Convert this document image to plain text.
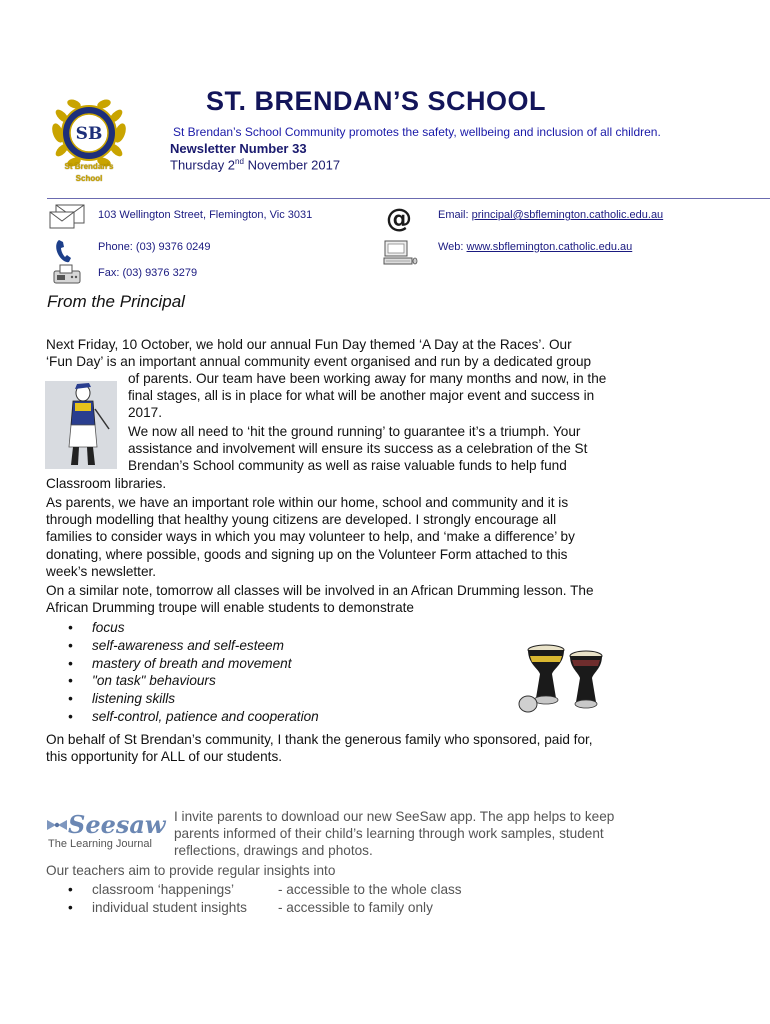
SB
St Brendan's
School
ST. BRENDAN’S SCHOOL
St Brendan’s School Community promotes the safety, wellbeing and inclusion of all children.
Newsletter Number 33
Thursday 2nd November 2017
103 Wellington Street, Flemington, Vic 3031
Phone: (03) 9376 0249
Fax: (03) 9376 3279
@ Email: principal@sbflemington.catholic.edu.au
Web: www.sbflemington.catholic.edu.au
From the Principal
Next Friday, 10 October, we hold our annual Fun Day themed ‘A Day at the Races’. Our
‘Fun Day’ is an important annual community event organised and run by a dedicated group
of parents. Our team have been working away for many months and now, in the
final stages, all is in place for what will be another major event and success in
2017.
We now all need to ‘hit the ground running’ to guarantee it’s a triumph. Your
assistance and involvement will ensure its success as a celebration of the St
Brendan’s School community as well as raise valuable funds to help fund
Classroom libraries.
As parents, we have an important role within our home, school and community and it is
through modelling that healthy young citizens are developed. I strongly encourage all
families to consider ways in which you may volunteer to help, and ‘make a difference’ by
donating, where possible, goods and signing up on the Volunteer Form attached to this
week’s newsletter.
On a similar note, tomorrow all classes will be involved in an African Drumming lesson. The
African Drumming troupe will enable students to demonstrate
• focus
• self-awareness and self-esteem
• mastery of breath and movement
• "on task" behaviours
• listening skills
• self-control, patience and cooperation
On behalf of St Brendan’s community, I thank the generous family who sponsored, paid for,
this opportunity for ALL of our students.
Seesaw
The Learning Journal
I invite parents to download our new SeeSaw app. The app helps to keep
parents informed of their child’s learning through work samples, student
reflections, drawings and photos.
Our teachers aim to provide regular insights into
• classroom ‘happenings’	- accessible to the whole class
• individual student insights - accessible to family only
